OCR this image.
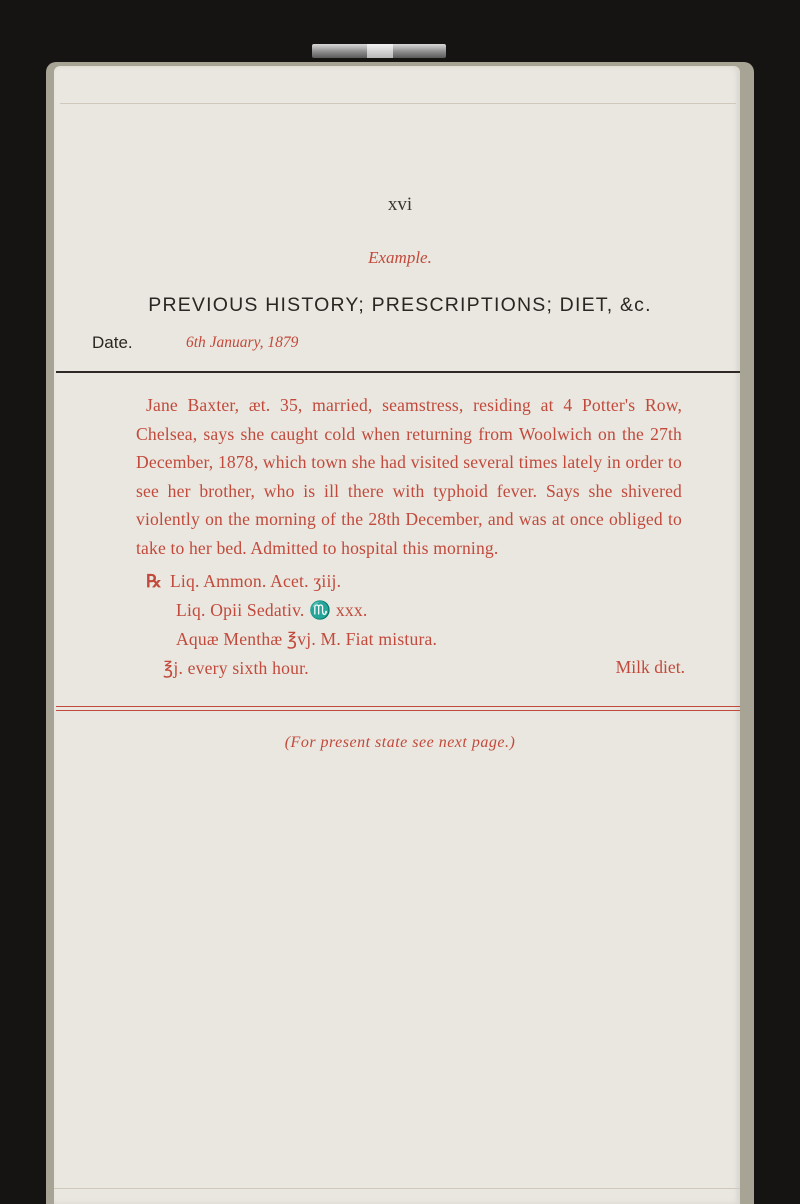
xvi
Example.
PREVIOUS HISTORY; PRESCRIPTIONS; DIET, &c.
Date.	6th January, 1879
Jane Baxter, æt. 35, married, seamstress, residing at 4 Potter's Row, Chelsea, says she caught cold when returning from Woolwich on the 27th December, 1878, which town she had visited several times lately in order to see her brother, who is ill there with typhoid fever. Says she shivered violently on the morning of the 28th December, and was at once obliged to take to her bed. Admitted to hospital this morning.
℞ Liq. Ammon. Acet. ʒiij.
Liq. Opii Sedativ. ♏ xxx.
Aquæ Menthæ ℥vj. M. Fiat mistura.
℥j. every sixth hour.	Milk diet.
(For present state see next page.)
